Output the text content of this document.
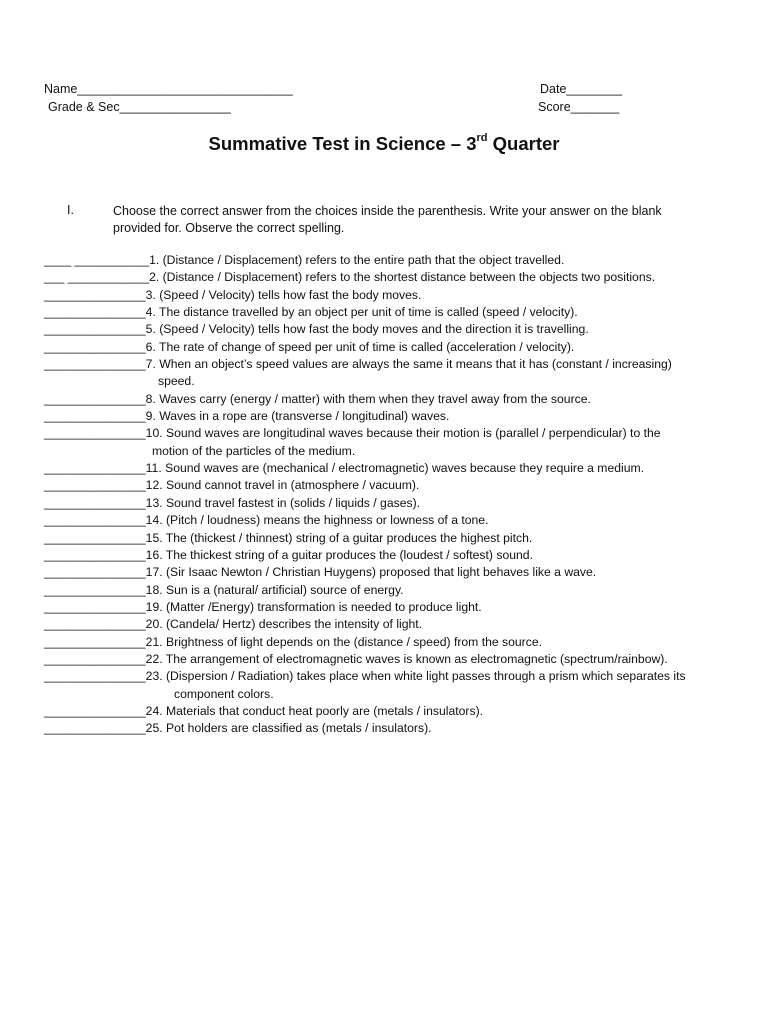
Name_______________________________	Date________
Grade & Sec________________	Score_______
Summative Test in Science – 3rd Quarter
I.	Choose the correct answer from the choices inside the parenthesis. Write your answer on the blank provided for. Observe the correct spelling.
____ ___________1. (Distance / Displacement) refers to the entire path that the object travelled.
___ ____________2. (Distance / Displacement) refers to the shortest distance between the objects two positions.
_______________3. (Speed / Velocity) tells how fast the body moves.
_______________4. The distance travelled by an object per unit of time is called (speed / velocity).
_______________5. (Speed / Velocity) tells how fast the body moves and the direction it is travelling.
_______________6. The rate of change of speed per unit of time is called (acceleration / velocity).
_______________7. When an object’s speed values are always the same it means that it has (constant / increasing)
speed.
_______________8. Waves carry (energy / matter) with them when they travel away from the source.
_______________9. Waves in a rope are (transverse / longitudinal) waves.
_______________10. Sound waves are longitudinal waves because their motion is (parallel / perpendicular) to the
motion of the particles of the medium.
_______________11. Sound waves are (mechanical / electromagnetic) waves because they require a medium.
_______________12. Sound cannot travel in (atmosphere / vacuum).
_______________13. Sound travel fastest in (solids / liquids / gases).
_______________14. (Pitch / loudness) means the highness or lowness of a tone.
_______________15. The (thickest / thinnest) string of a guitar produces the highest pitch.
_______________16. The thickest string of a guitar produces the (loudest / softest) sound.
_______________17. (Sir Isaac Newton / Christian Huygens) proposed that light behaves like a wave.
_______________18. Sun is a (natural/ artificial) source of energy.
_______________19. (Matter /Energy) transformation is needed to produce light.
_______________20. (Candela/ Hertz) describes the intensity of light.
_______________21. Brightness of light depends on the (distance / speed) from the source.
_______________22. The arrangement of electromagnetic waves is known as electromagnetic (spectrum/rainbow).
_______________23. (Dispersion / Radiation) takes place when white light passes through a prism which separates its
component colors.
_______________24. Materials that conduct heat poorly are (metals / insulators).
_______________25. Pot holders are classified as (metals / insulators).
